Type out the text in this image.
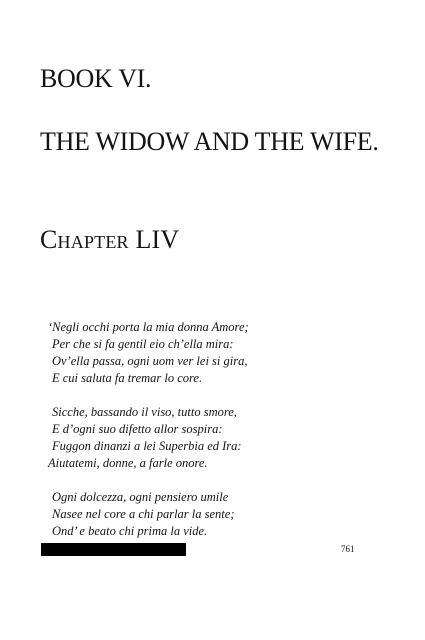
BOOK VI.
THE WIDOW AND THE WIFE.
Chapter LIV
‘Negli occhi porta la mia donna Amore;
Per che si fa gentil eio ch’ella mira:
Ov’ella passa, ogni uom ver lei si gira,
E cui saluta fa tremar lo core.
Sicche, bassando il viso, tutto smore,
E d’ogni suo difetto allor sospira:
Fuggon dinanzi a lei Superbia ed Ira:
Aiutatemi, donne, a farle onore.
Ogni dolcezza, ogni pensiero umile
Nasee nel core a chi parlar la sente;
Ond’ e beato chi prima la vide.
761
